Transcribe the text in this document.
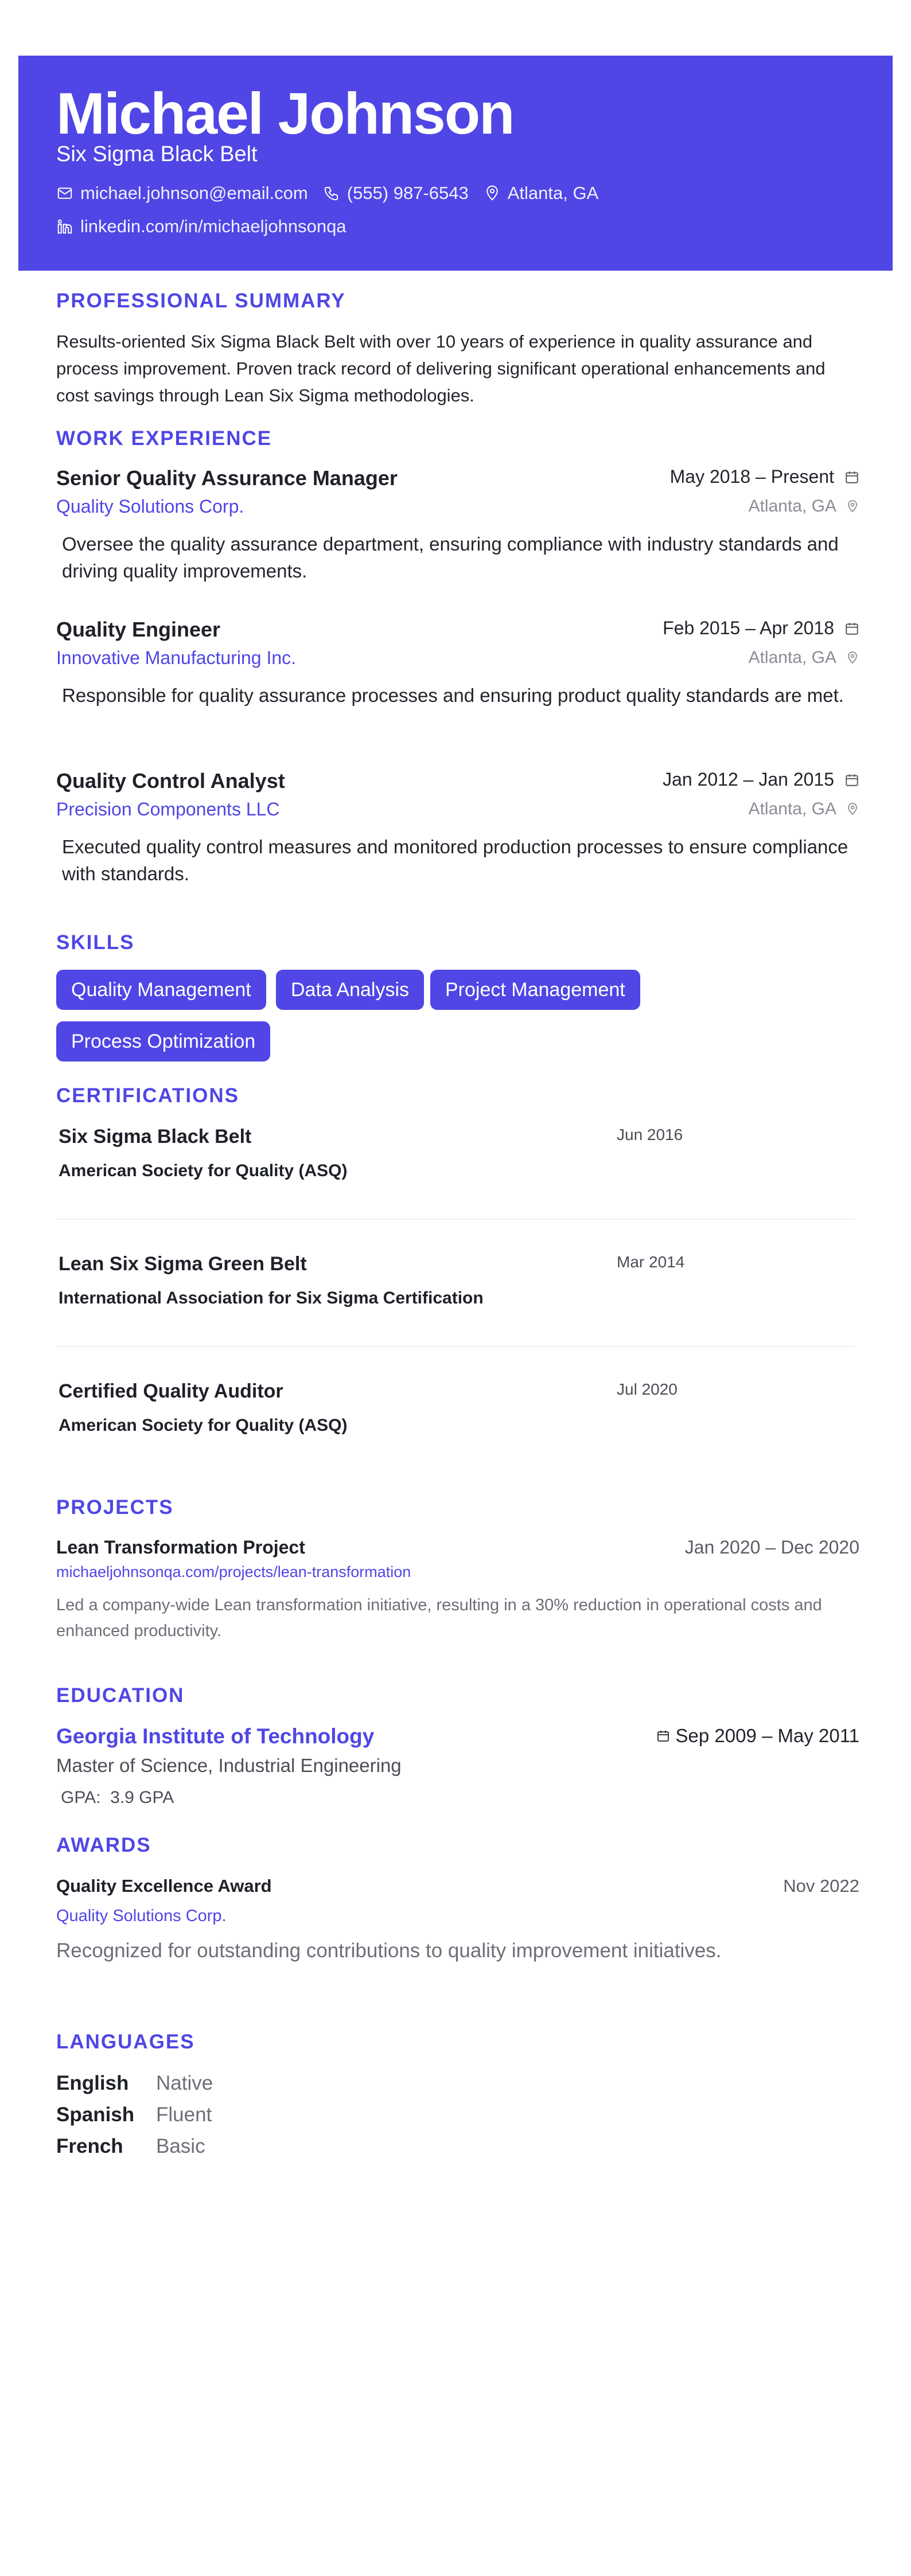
Michael Johnson
Six Sigma Black Belt
michael.johnson@email.com (555) 987-6543 Atlanta, GA
linkedin.com/in/michaeljohnsonqa
PROFESSIONAL SUMMARY
Results-oriented Six Sigma Black Belt with over 10 years of experience in quality assurance and process improvement. Proven track record of delivering significant operational enhancements and cost savings through Lean Six Sigma methodologies.
WORK EXPERIENCE
Senior Quality Assurance Manager	May 2018 – Present
Quality Solutions Corp.	Atlanta, GA
Oversee the quality assurance department, ensuring compliance with industry standards and driving quality improvements.
Quality Engineer	Feb 2015 – Apr 2018
Innovative Manufacturing Inc.	Atlanta, GA
Responsible for quality assurance processes and ensuring product quality standards are met.
Quality Control Analyst	Jan 2012 – Jan 2015
Precision Components LLC	Atlanta, GA
Executed quality control measures and monitored production processes to ensure compliance with standards.
SKILLS
Quality Management	Data Analysis	Project Management
Process Optimization
CERTIFICATIONS
Six Sigma Black Belt	Jun 2016
American Society for Quality (ASQ)
Lean Six Sigma Green Belt	Mar 2014
International Association for Six Sigma Certification
Certified Quality Auditor	Jul 2020
American Society for Quality (ASQ)
PROJECTS
Lean Transformation Project	Jan 2020 – Dec 2020
michaeljohnsonqa.com/projects/lean-transformation
Led a company-wide Lean transformation initiative, resulting in a 30% reduction in operational costs and enhanced productivity.
EDUCATION
Georgia Institute of Technology	Sep 2009 – May 2011
Master of Science, Industrial Engineering
GPA: 3.9 GPA
AWARDS
Quality Excellence Award	Nov 2022
Quality Solutions Corp.
Recognized for outstanding contributions to quality improvement initiatives.
LANGUAGES
English Native
Spanish Fluent
French Basic
